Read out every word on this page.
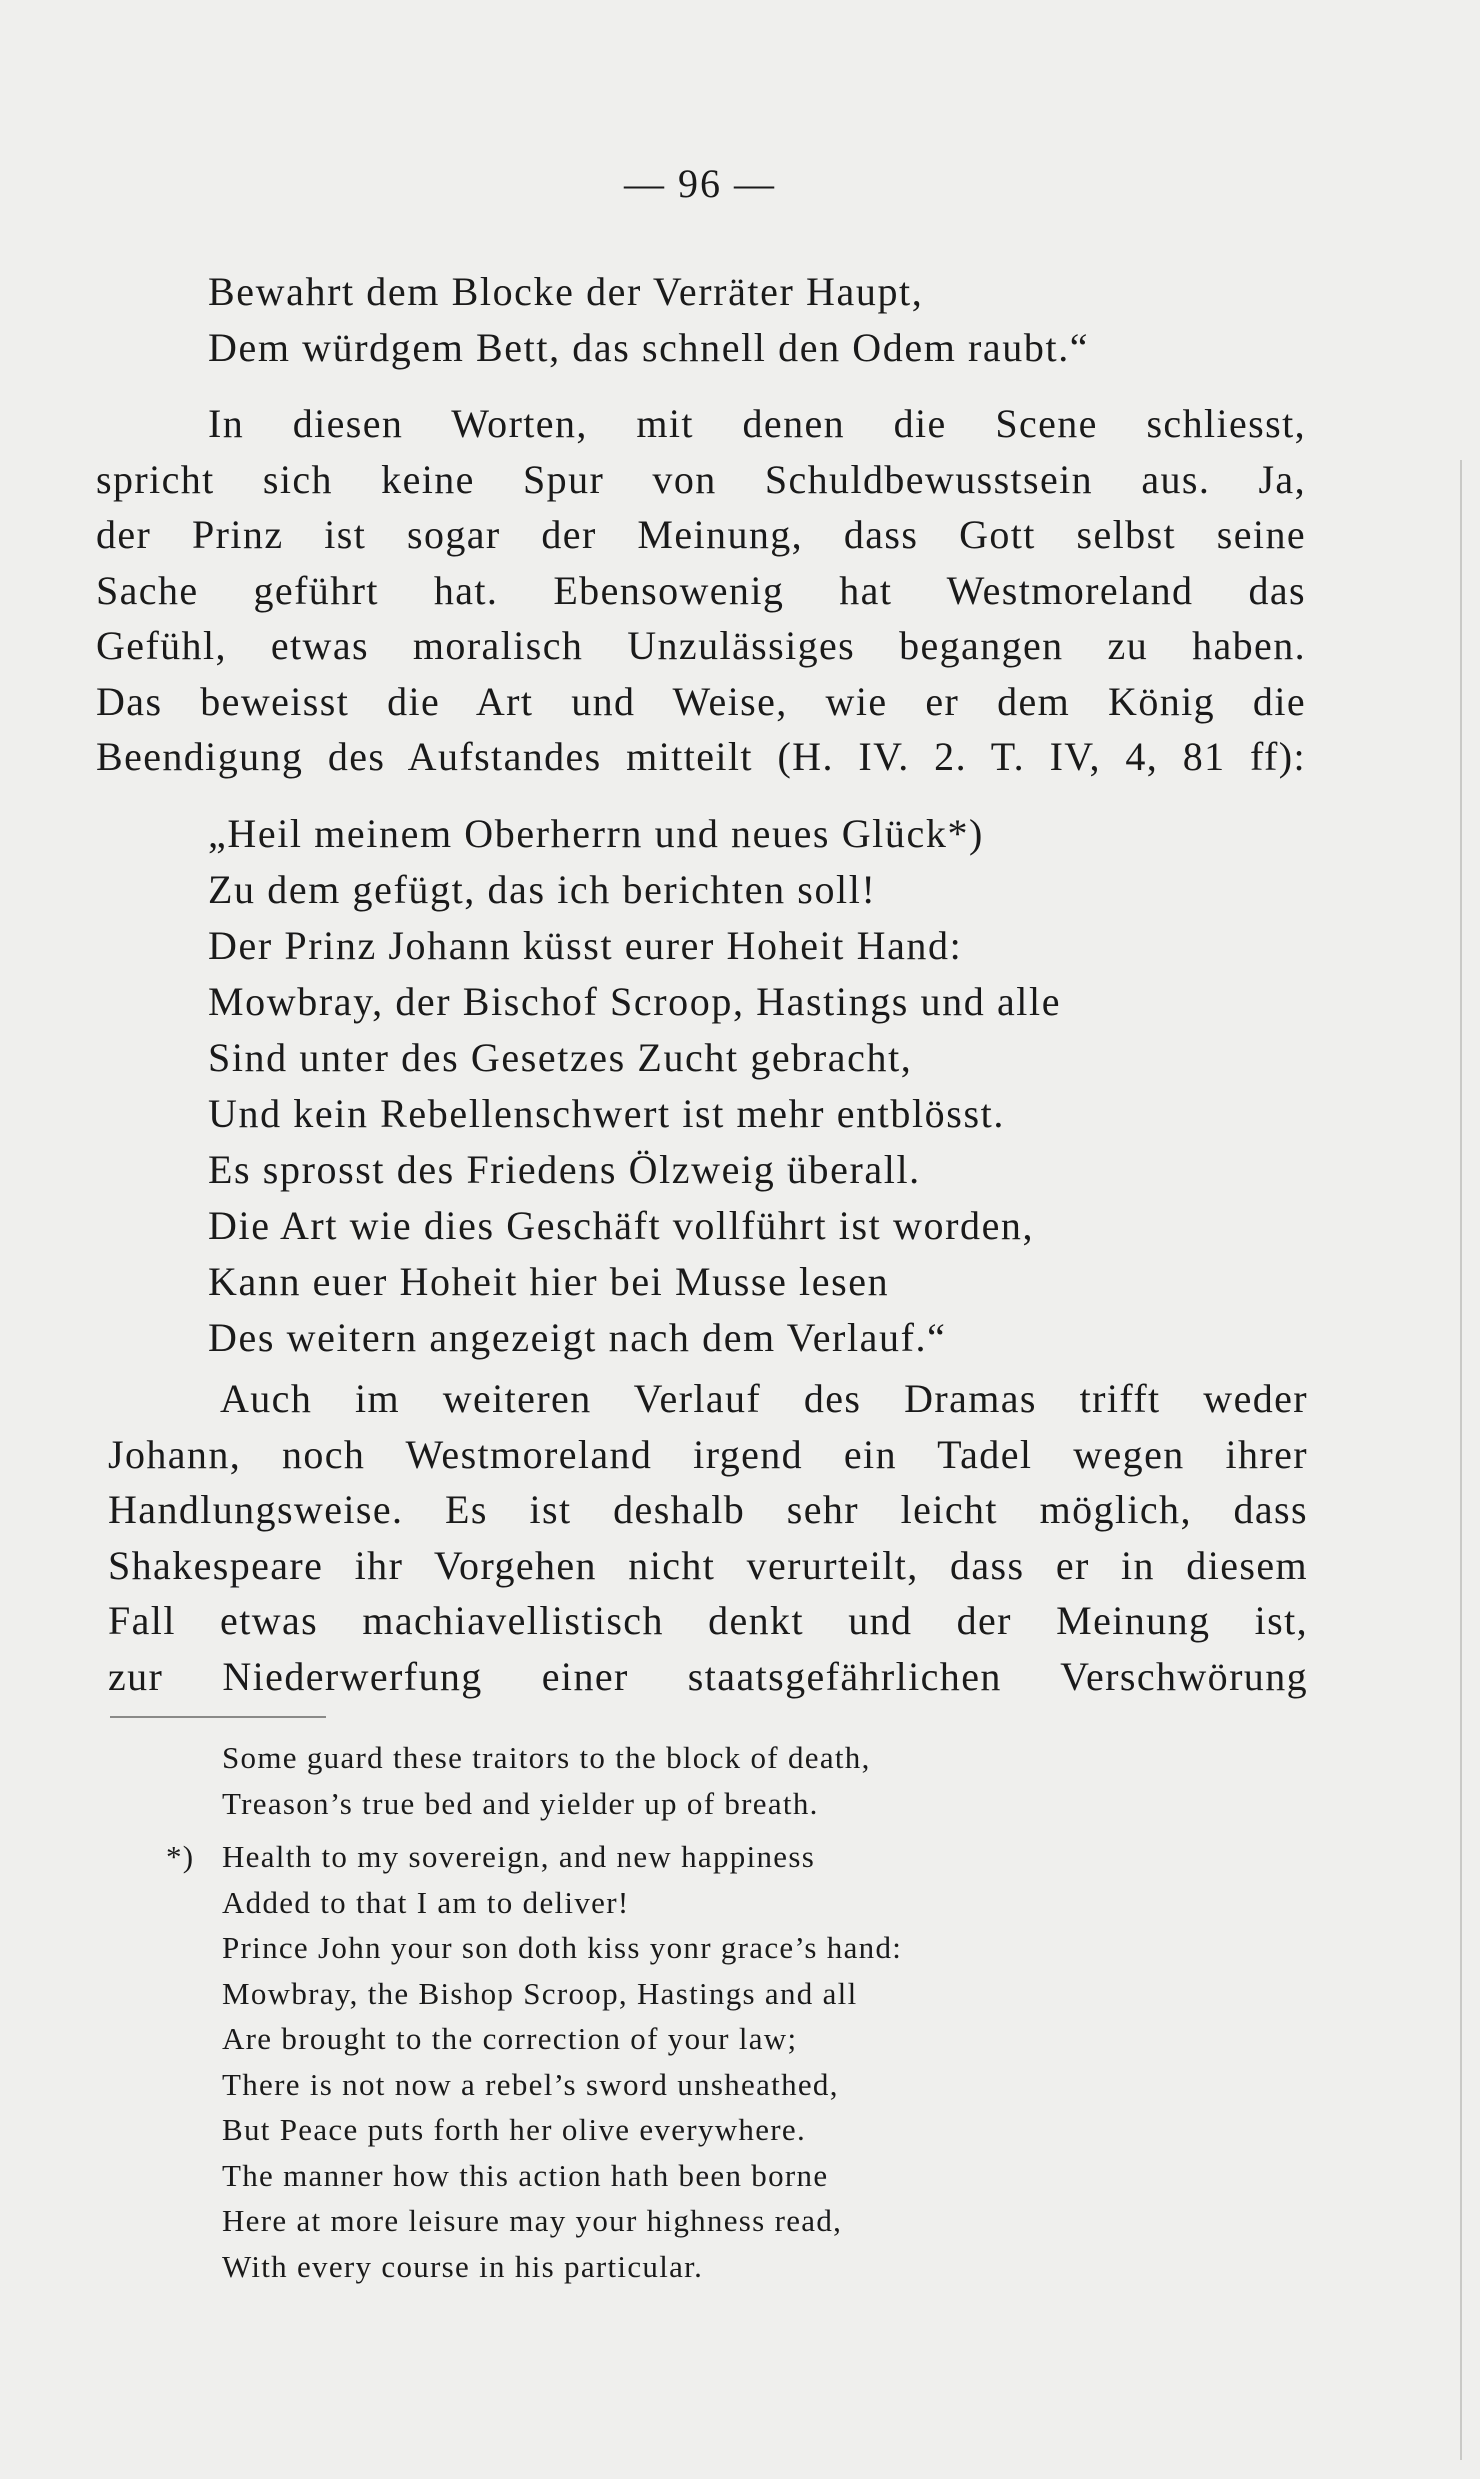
— 96 —
Bewahrt dem Blocke der Verräter Haupt,
Dem würdgem Bett, das schnell den Odem raubt.“
In diesen Worten, mit denen die Scene schliesst,
spricht sich keine Spur von Schuldbewusstsein aus. Ja,
der Prinz ist sogar der Meinung, dass Gott selbst seine
Sache geführt hat. Ebensowenig hat Westmoreland das
Gefühl, etwas moralisch Unzulässiges begangen zu haben.
Das beweisst die Art und Weise, wie er dem König die
Beendigung des Aufstandes mitteilt (H. IV. 2. T. IV, 4, 81 ff):
„Heil meinem Oberherrn und neues Glück*)
Zu dem gefügt, das ich berichten soll!
Der Prinz Johann küsst eurer Hoheit Hand:
Mowbray, der Bischof Scroop, Hastings und alle
Sind unter des Gesetzes Zucht gebracht,
Und kein Rebellenschwert ist mehr entblösst.
Es sprosst des Friedens Ölzweig überall.
Die Art wie dies Geschäft vollführt ist worden,
Kann euer Hoheit hier bei Musse lesen
Des weitern angezeigt nach dem Verlauf.“
Auch im weiteren Verlauf des Dramas trifft weder
Johann, noch Westmoreland irgend ein Tadel wegen ihrer
Handlungsweise. Es ist deshalb sehr leicht möglich, dass
Shakespeare ihr Vorgehen nicht verurteilt, dass er in diesem
Fall etwas machiavellistisch denkt und der Meinung ist,
zur Niederwerfung einer staatsgefährlichen Verschwörung
Some guard these traitors to the block of death,
Treason’s true bed and yielder up of breath.
*) Health to my sovereign, and new happiness
Added to that I am to deliver!
Prince John your son doth kiss yonr grace’s hand:
Mowbray, the Bishop Scroop, Hastings and all
Are brought to the correction of your law;
There is not now a rebel’s sword unsheathed,
But Peace puts forth her olive everywhere.
The manner how this action hath been borne
Here at more leisure may your highness read,
With every course in his particular.
